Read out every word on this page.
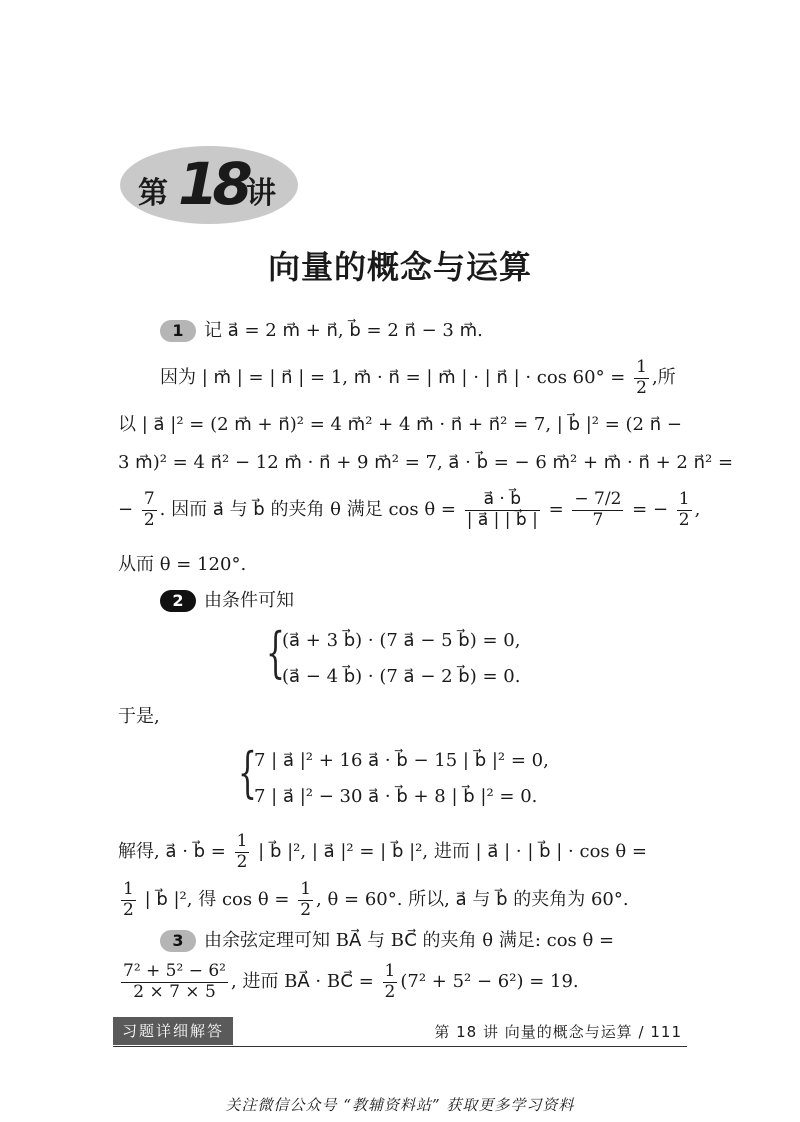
第 18 讲
向量的概念与运算
1 记 a⃗ = 2 m⃗ + n⃗, b⃗ = 2 n⃗ − 3 m⃗.
因为 | m⃗ | = | n⃗ | = 1, m⃗ · n⃗ = | m⃗ | · | n⃗ | · $\cos 60^\circ = \frac{1}{2}$ ,所
以 | a⃗ |² = (2 m⃗ + n⃗)² = 4 m⃗² + 4 m⃗ · n⃗ + n⃗² = 7, | b⃗ |² = (2 n⃗ −
3 m⃗)² = 4 n⃗² − 12 m⃗ · n⃗ + 9 m⃗² = 7, a⃗ · b⃗ = − 6 m⃗² + m⃗ · n⃗ + 2 n⃗² =
− $\frac{7}{2}$ . 因而 a⃗ 与 b⃗ 的夹角 θ 满足 $\cos \theta = \frac{a⃗ \cdot b⃗}{| a⃗ | | b⃗ |} = \frac{- 7/2}{7}$ = − $\frac{1}{2}$ ,
从而 θ = 120°.
2 由条件可知
{
(a⃗ + 3 b⃗) · (7 a⃗ − 5 b⃗) = 0,
(a⃗ − 4 b⃗) · (7 a⃗ − 2 b⃗) = 0.
于是,
{
7 | a⃗ |² + 16 a⃗ · b⃗ − 15 | b⃗ |² = 0,
7 | a⃗ |² − 30 a⃗ · b⃗ + 8 | b⃗ |² = 0.
解得, a⃗ · b⃗ = $\frac{1}{2}$ | b⃗ |², | a⃗ |² = | b⃗ |², 进而 | a⃗ | · | b⃗ | · cos θ =
$\frac{1}{2}$ | b⃗ |², 得 $\cos \theta = \frac{1}{2}$ , θ = 60°. 所以, a⃗ 与 b⃗ 的夹角为 60°.
3 由余弦定理可知 BA⃗ 与 BC⃗ 的夹角 θ 满足: cos θ =
$\frac{\text{7² + 5² − 6²}}{2 \times 7 \times 5}$ , 进而 BA⃗ · BC⃗ = $\frac{1}{2} (7^2 + 5^2 - 6^2) = 19$.
习题详细解答	第 18 讲 向量的概念与运算 / 111
关注微信公众号 “教辅资料站” 获取更多学习资料
